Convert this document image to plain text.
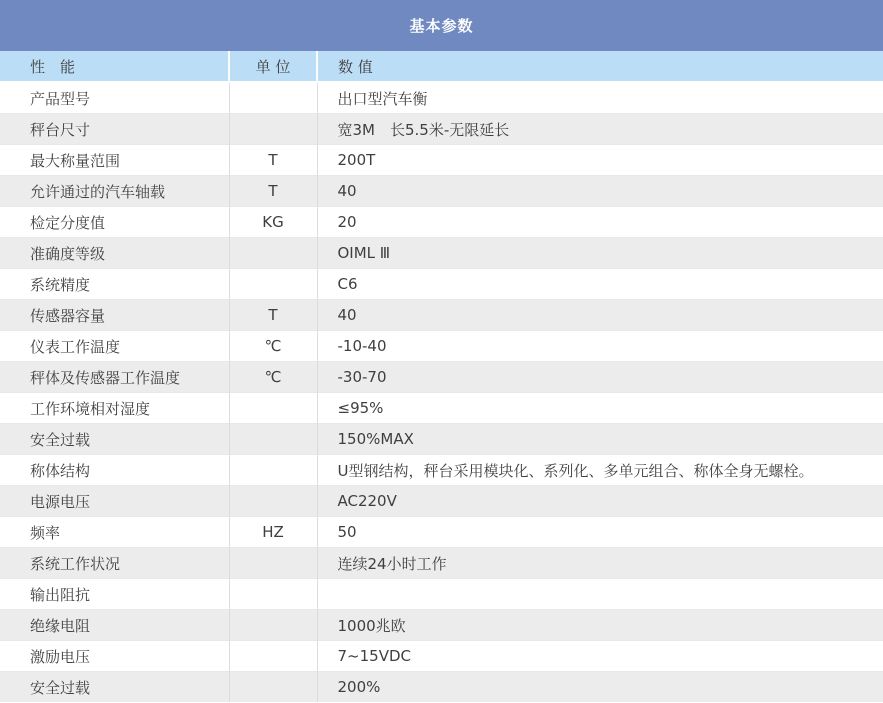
基本参数		
性　能	单 位	数 值
产品型号		出口型汽车衡
秤台尺寸		宽3M　长5.5米-无限延长
最大称量范围	T	200T
允许通过的汽车轴载	T	40
检定分度值	KG	20
准确度等级		OIML Ⅲ
系统精度		C6
传感器容量	T	40
仪表工作温度	℃	-10-40
秤体及传感器工作温度	℃	-30-70
工作环境相对湿度		≤95%
安全过载		150%MAX
称体结构		U型钢结构，秤台采用模块化、系列化、多单元组合、称体全身无螺栓。
电源电压		AC220V
频率	HZ	50
系统工作状况		连续24小时工作
输出阻抗		
绝缘电阻		1000兆欧
激励电压		7~15VDC
安全过载		200%
